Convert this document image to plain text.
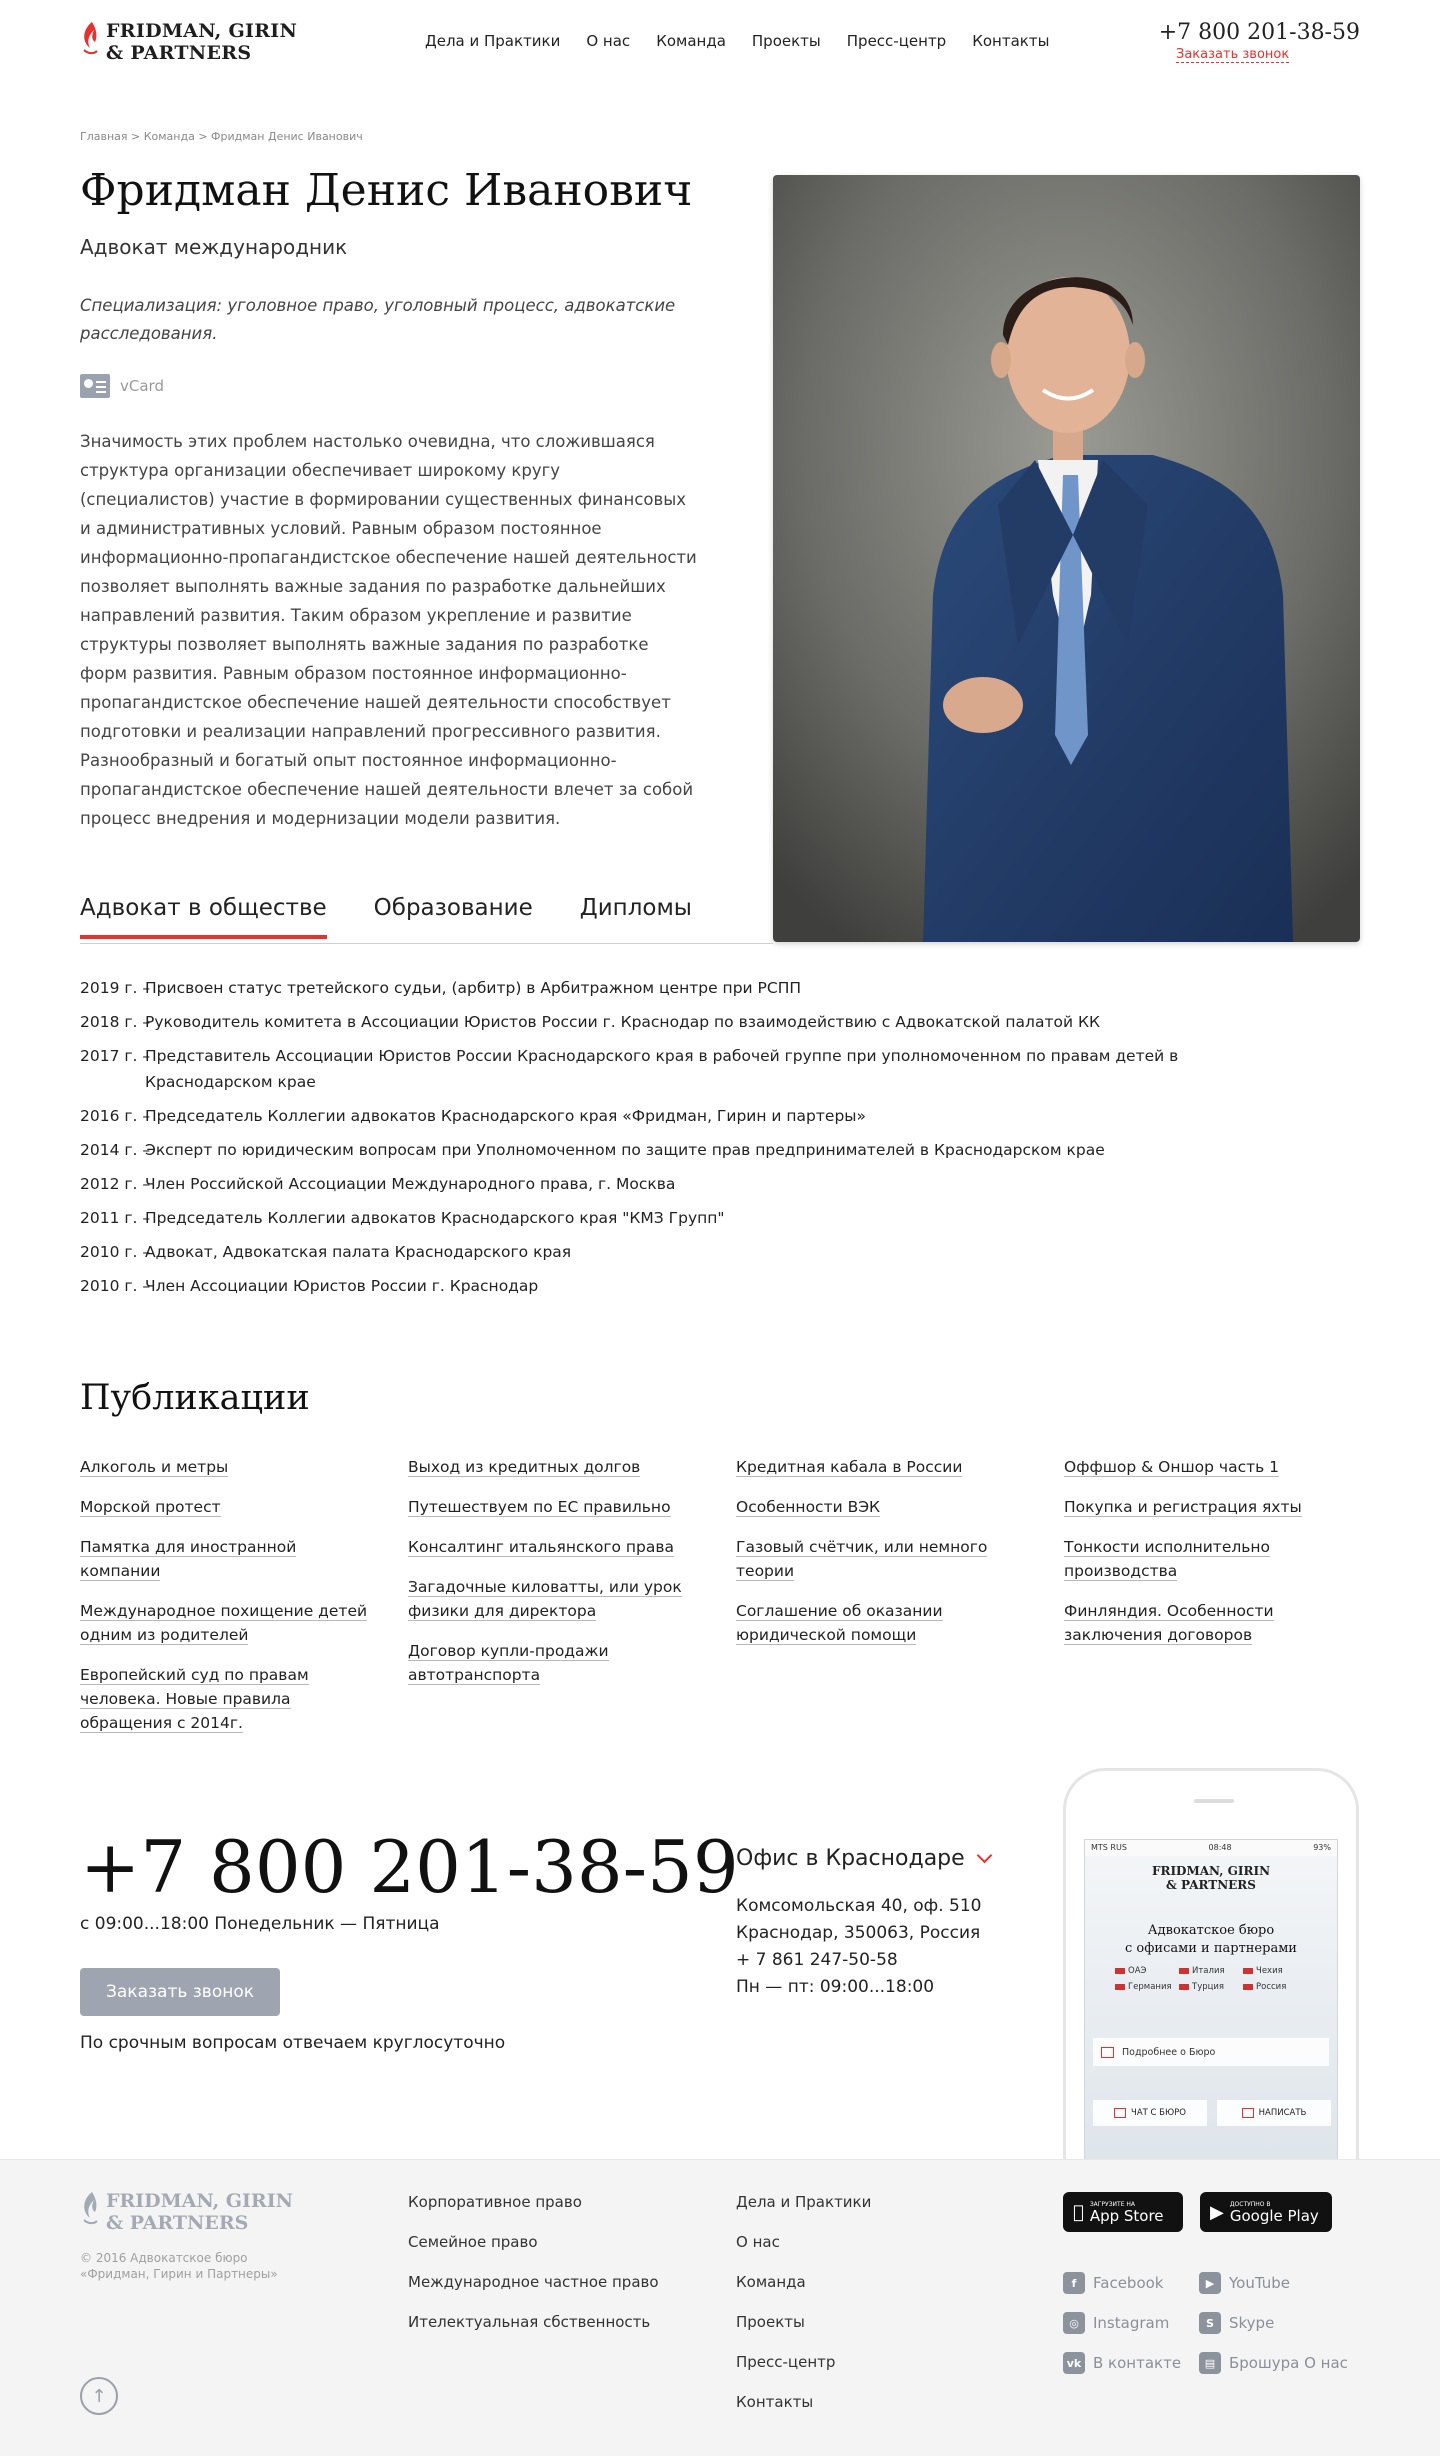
FRIDMAN, GIRIN
& PARTNERS
Дела и Практики О нас Команда Проекты Пресс-центр Контакты	+7 800 201-38-59
Заказать звонок
Главная > Команда > Фридман Денис Иванович
Фридман Денис Иванович
Адвокат международник
Специализация: уголовное право, уголовный процесс, адвокатские расследования.
vCard
Значимость этих проблем настолько очевидна, что сложившаяся структура организации обеспечивает широкому кругу (специалистов) участие в формировании существенных финансовых и административных условий. Равным образом постоянное информационно-пропагандистское обеспечение нашей деятельности позволяет выполнять важные задания по разработке дальнейших направлений развития. Таким образом укрепление и развитие структуры позволяет выполнять важные задания по разработке форм развития. Равным образом постоянное информационно-пропагандистское обеспечение нашей деятельности способствует подготовки и реализации направлений прогрессивного развития. Разнообразный и богатый опыт постоянное информационно-пропагандистское обеспечение нашей деятельности влечет за собой процесс внедрения и модернизации модели развития.
Адвокат в обществе Образование Дипломы
2019 г. –
Присвоен статус третейского судьи, (арбитр) в Арбитражном центре при РСПП
2018 г. –
Руководитель комитета в Ассоциации Юристов России г. Краснодар по взаимодействию с Адвокатской палатой КК
2017 г. –
Представитель Ассоциации Юристов России Краснодарского края в рабочей группе при уполномоченном по правам детей в Краснодарском крае
2016 г. –
Председатель Коллегии адвокатов Краснодарского края «Фридман, Гирин и партеры»
2014 г. –
Эксперт по юридическим вопросам при Уполномоченном по защите прав предпринимателей в Краснодарском крае
2012 г. –
Член Российской Ассоциации Международного права, г. Москва
2011 г. –
Председатель Коллегии адвокатов Краснодарского края "КМЗ Групп"
2010 г. –
Адвокат, Адвокатская палата Краснодарского края
2010 г. –
Член Ассоциации Юристов России г. Краснодар
Публикации
Алкоголь и метры
Морской протест
Памятка для иностранной компании
Международное похищение детей одним из родителей
Европейский суд по правам человека. Новые правила обращения с 2014г.
Выход из кредитных долгов
Путешествуем по ЕС правильно
Консалтинг итальянского права
Загадочные киловатты, или урок физики для директора
Договор купли-продажи автотранспорта
Кредитная кабала в России
Особенности ВЭК
Газовый счётчик, или немного теории
Соглашение об оказании юридической помощи
Оффшор & Оншор часть 1
Покупка и регистрация яхты
Тонкости исполнительно производства
Финляндия. Особенности заключения договоров
+7 800 201-38-59
с 09:00...18:00 Понедельник — Пятница
Заказать звонок
По срочным вопросам отвечаем круглосуточно
Офис в Краснодаре
Комсомольская 40, оф. 510
Краснодар, 350063, Россия
+ 7 861 247-50-58
Пн — пт: 09:00...18:00
MTS RUS	08:48	93%
FRIDMAN, GIRIN
& PARTNERS
Адвокатское бюро
с офисами и партнерами
ОАЭ	Италия	Чехия
Германия	Турция	Россия
Подробнее о Бюро
ЧАТ С БЮРО	НАПИСАТЬ
FRIDMAN, GIRIN
& PARTNERS
© 2016 Адвокатское бюро
«Фридман, Гирин и Партнеры»
Корпоративное право
Семейное право
Международное частное право
Ителектуальная сбственность
Дела и Практики
О нас
Команда
Проекты
Пресс-центр
Контакты
ЗАГРУЗИТЕ НА
App Store	▶ ДОСТУПНО В
Google Play
f	Facebook	▶ YouTube
◎ Instagram	S	Skype
vk В контакте	▤ Брошура О нас
↑
